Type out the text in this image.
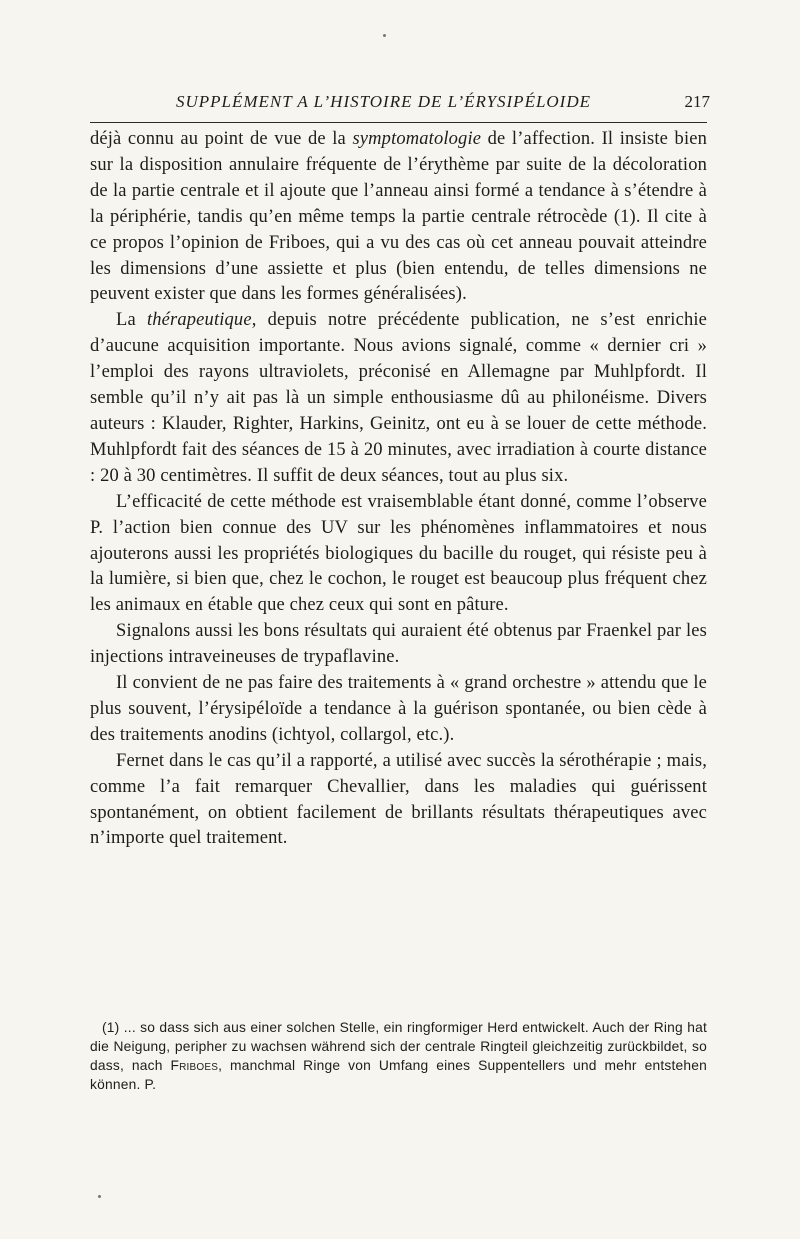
SUPPLÉMENT A L’HISTOIRE DE L’ÉRYSIPÉLOIDE	217

déjà connu au point de vue de la symptomatologie de l’affection. Il insiste bien sur la disposition annulaire fréquente de l’érythème par suite de la décoloration de la partie centrale et il ajoute que l’anneau ainsi formé a tendance à s’étendre à la périphérie, tandis qu’en même temps la partie centrale rétrocède (1). Il cite à ce propos l’opinion de Friboes, qui a vu des cas où cet anneau pouvait atteindre les dimensions d’une assiette et plus (bien entendu, de telles dimensions ne peuvent exister que dans les formes généralisées).

La thérapeutique, depuis notre précédente publication, ne s’est enrichie d’aucune acquisition importante. Nous avions signalé, comme « dernier cri » l’emploi des rayons ultraviolets, préconisé en Allemagne par Muhlpfordt. Il semble qu’il n’y ait pas là un simple enthousiasme dû au philonéisme. Divers auteurs : Klauder, Righter, Harkins, Geinitz, ont eu à se louer de cette méthode. Muhlpfordt fait des séances de 15 à 20 minutes, avec irradiation à courte distance : 20 à 30 centimètres. Il suffit de deux séances, tout au plus six.

L’efficacité de cette méthode est vraisemblable étant donné, comme l’observe P. l’action bien connue des UV sur les phénomènes inflammatoires et nous ajouterons aussi les propriétés biologiques du bacille du rouget, qui résiste peu à la lumière, si bien que, chez le cochon, le rouget est beaucoup plus fréquent chez les animaux en étable que chez ceux qui sont en pâture.

Signalons aussi les bons résultats qui auraient été obtenus par Fraenkel par les injections intraveineuses de trypaflavine.

Il convient de ne pas faire des traitements à « grand orchestre » attendu que le plus souvent, l’érysipéloïde a tendance à la guérison spontanée, ou bien cède à des traitements anodins (ichtyol, collargol, etc.).

Fernet dans le cas qu’il a rapporté, a utilisé avec succès la sérothérapie ; mais, comme l’a fait remarquer Chevallier, dans les maladies qui guérissent spontanément, on obtient facilement de brillants résultats thérapeutiques avec n’importe quel traitement.

(1) ... so dass sich aus einer solchen Stelle, ein ringformiger Herd entwickelt. Auch der Ring hat die Neigung, peripher zu wachsen während sich der centrale Ringteil gleichzeitig zurückbildet, so dass, nach Friboes, manchmal Ringe von Umfang eines Suppentellers und mehr entstehen können. P.
